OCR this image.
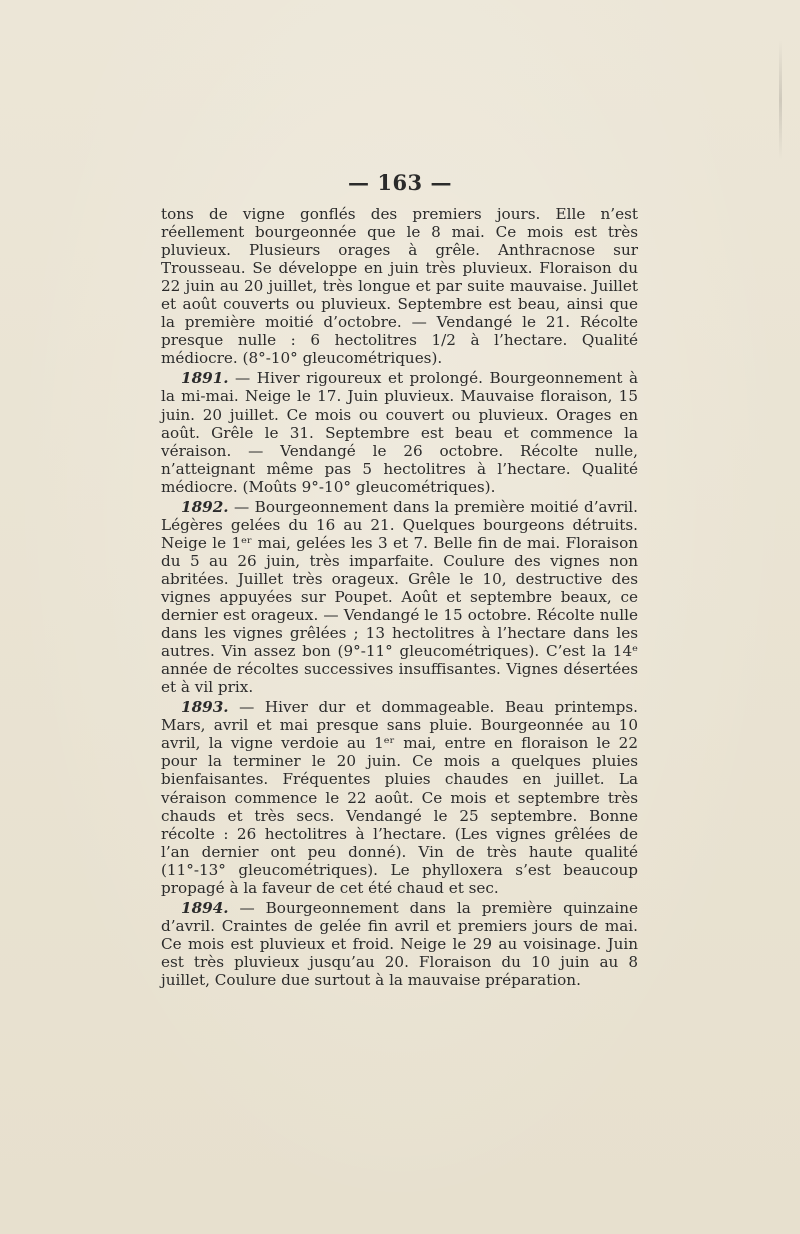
— 163 —

tons de vigne gonflés des premiers jours. Elle n’est réellement bourgeonnée que le 8 mai. Ce mois est très pluvieux. Plusieurs orages à grêle. Anthracnose sur Trousseau. Se développe en juin très pluvieux. Floraison du 22 juin au 20 juillet, très longue et par suite mauvaise. Juillet et août couverts ou pluvieux. Septembre est beau, ainsi que la première moitié d’octobre. — Vendangé le 21. Récolte presque nulle : 6 hectolitres 1/2 à l’hectare. Qualité médiocre. (8°-10° gleucométriques).

1891. — Hiver rigoureux et prolongé. Bourgeonnement à la mi-mai. Neige le 17. Juin pluvieux. Mauvaise floraison, 15 juin. 20 juillet. Ce mois ou couvert ou pluvieux. Orages en août. Grêle le 31. Septembre est beau et commence la véraison. — Vendangé le 26 octobre. Récolte nulle, n’atteignant même pas 5 hectolitres à l’hectare. Qualité médiocre. (Moûts 9°-10° gleucométriques).

1892. — Bourgeonnement dans la première moitié d’avril. Légères gelées du 16 au 21. Quelques bourgeons détruits. Neige le 1ᵉʳ mai, gelées les 3 et 7. Belle fin de mai. Floraison du 5 au 26 juin, très imparfaite. Coulure des vignes non abritées. Juillet très orageux. Grêle le 10, destructive des vignes appuyées sur Poupet. Août et septembre beaux, ce dernier est orageux. — Vendangé le 15 octobre. Récolte nulle dans les vignes grêlées ; 13 hectolitres à l’hectare dans les autres. Vin assez bon (9°-11° gleucométriques). C’est la 14ᵉ année de récoltes successives insuffisantes. Vignes désertées et à vil prix.

1893. — Hiver dur et dommageable. Beau printemps. Mars, avril et mai presque sans pluie. Bourgeonnée au 10 avril, la vigne verdoie au 1ᵉʳ mai, entre en floraison le 22 pour la terminer le 20 juin. Ce mois a quelques pluies bienfaisantes. Fréquentes pluies chaudes en juillet. La véraison commence le 22 août. Ce mois et septembre très chauds et très secs. Vendangé le 25 septembre. Bonne récolte : 26 hectolitres à l’hectare. (Les vignes grêlées de l’an dernier ont peu donné). Vin de très haute qualité (11°-13° gleucométriques). Le phylloxera s’est beaucoup propagé à la faveur de cet été chaud et sec.

1894. — Bourgeonnement dans la première quinzaine d’avril. Craintes de gelée fin avril et premiers jours de mai. Ce mois est pluvieux et froid. Neige le 29 au voisinage. Juin est très pluvieux jusqu’au 20. Floraison du 10 juin au 8 juillet, Coulure due surtout à la mauvaise préparation.
